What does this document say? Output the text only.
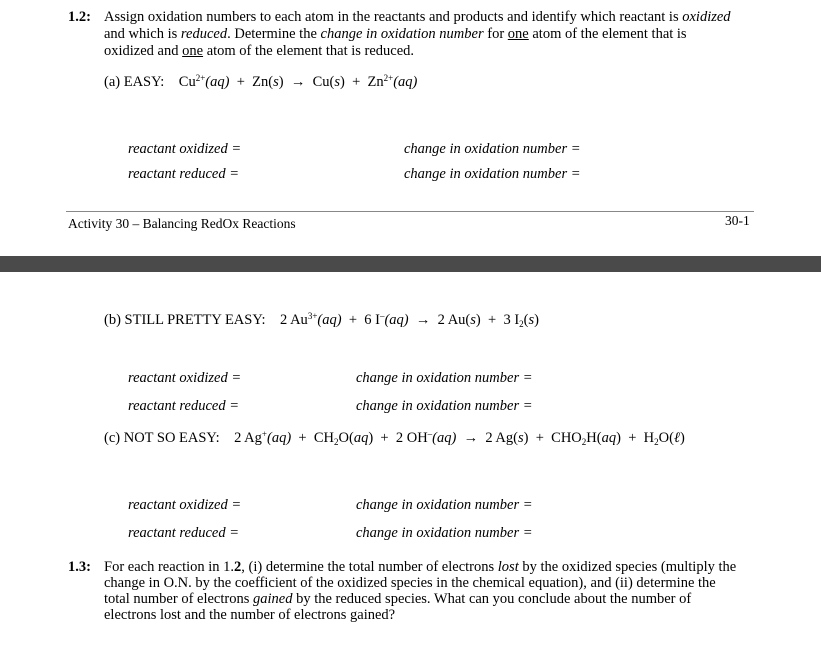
1.2: Assign oxidation numbers to each atom in the reactants and products and identify which reactant is oxidized
and which is reduced. Determine the change in oxidation number for one atom of the element that is
oxidized and one atom of the element that is reduced.
(a) EASY: $Cu^{2+}(aq) + Zn(s) \to Cu(s) + Zn^{2+}(aq)$
reactant oxidized =
reactant reduced =
change in oxidation number =
change in oxidation number =
Activity 30 – Balancing RedOx Reactions	30-1
(b) STILL PRETTY EASY: 2 $Au^{3+}(aq) + 6$ I–(aq) → 2 Au(s) + 3 $I_2(s)$
reactant oxidized =
reactant reduced =
change in oxidation number =
change in oxidation number =
(c) NOT SO EASY: 2 $Ag^+(aq) + CH_2O(aq) + 2$ OH–(aq) → 2 $Ag(s) + CHO_2H(aq)$ + $H_2O(\ell)$
reactant oxidized =
reactant reduced =
change in oxidation number =
change in oxidation number =
1.3: For each reaction in 1.2, (i) determine the total number of electrons lost by the oxidized species (multiply the
change in O.N. by the coefficient of the oxidized species in the chemical equation), and (ii) determine the
total number of electrons gained by the reduced species. What can you conclude about the number of
electrons lost and the number of electrons gained?
